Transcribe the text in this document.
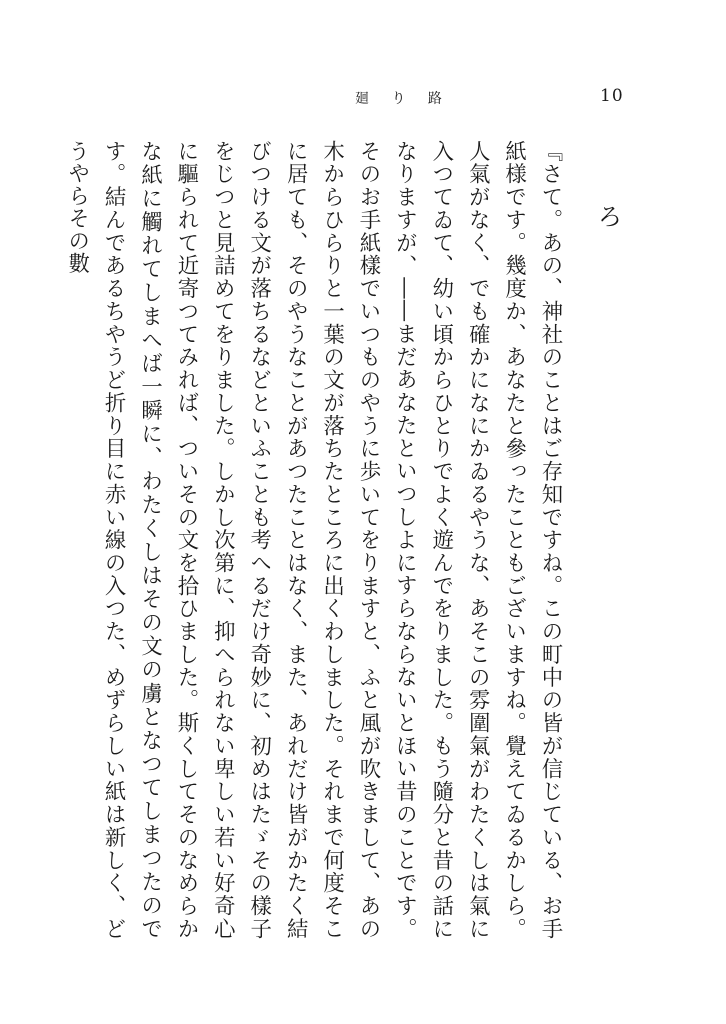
廻 り 路	10
ろ

『さて。あの、神社のことはご存知ですね。この町中の皆が信じている、お手紙様です。幾度か、あなたと參ったこともございますね。覺えてゐるかしら。人氣がなく、でも確かになにかゐるやうな、あそこの雰圍氣がわたくしは氣に入つてゐて、幼い頃からひとりでよく遊んでをりました。もう隨分と昔の話になりますが、――まだあなたといつしよにすらならないとほい昔のことです。そのお手紙樣でいつものやうに歩いてをりますと、ふと風が吹きまして、あの木からひらりと一葉の文が落ちたところに出くわしました。それまで何度そこに居ても、そのやうなことがあつたことはなく、また、あれだけ皆がかたく結びつける文が落ちるなどといふことも考へるだけ奇妙に、初めはたゞその樣子をじつと見詰めてをりました。しかし次第に、抑へられない卑しい若い好奇心に驅られて近寄つてみれば、ついその文を拾ひました。斯くしてそのなめらかな紙に觸れてしまへば一瞬に、わたくしはその文の虜となつてしまつたのです。結んであるちやうど折り目に赤い線の入つた、めずらしい紙は新しく、どうやらその數
